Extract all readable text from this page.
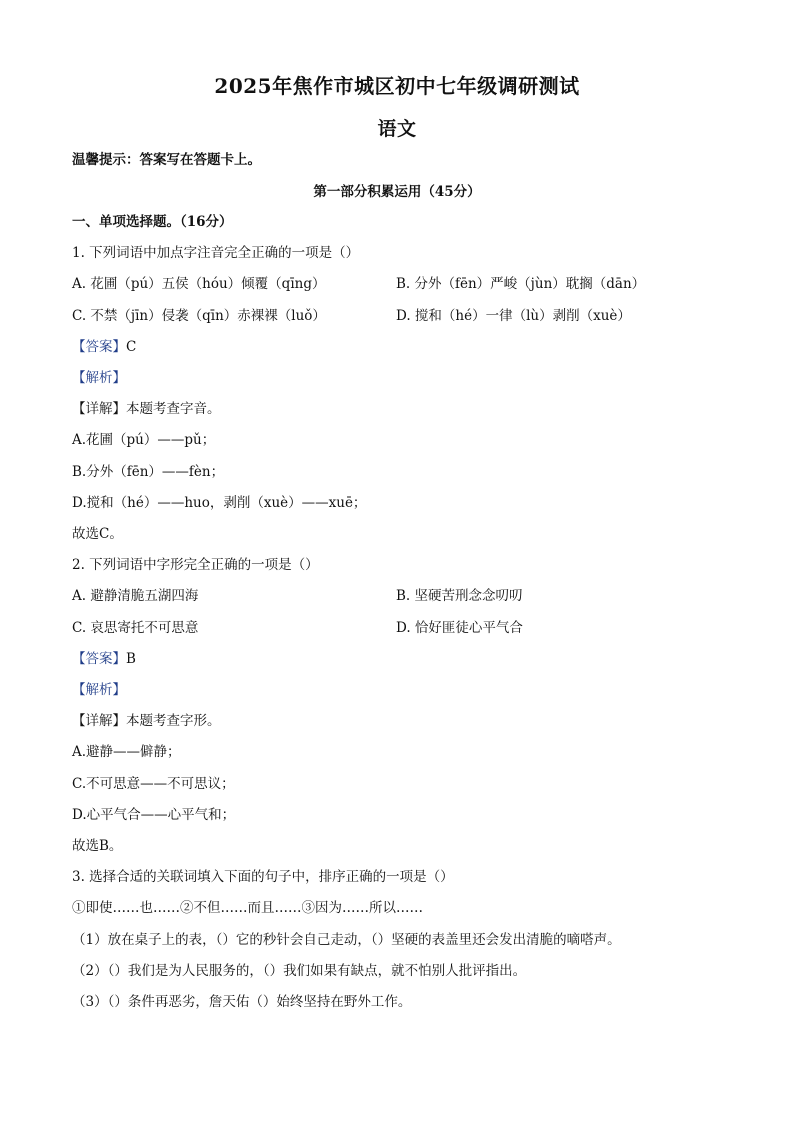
2025年焦作市城区初中七年级调研测试
语文
温馨提示：答案写在答题卡上。
第一部分积累运用（45分）
一、单项选择题。（16分）
1. 下列词语中加点字注音完全正确的一项是（）
A. 花圃（pú）五侯（hóu）倾覆（qīng）	B. 分外（fēn）严峻（jùn）耽搁（dān）
C. 不禁（jīn）侵袭（qīn）赤裸裸（luǒ）	D. 搅和（hé）一律（lù）剥削（xuè）
【答案】C
【解析】
【详解】本题考查字音。
A.花圃（pú）——pǔ；
B.分外（fēn）——fèn；
D.搅和（hé）——huo，剥削（xuè）——xuē；
故选C。
2. 下列词语中字形完全正确的一项是（）
A. 避静清脆五湖四海	B. 坚硬苦刑念念叨叨
C. 哀思寄托不可思意	D. 恰好匪徒心平气合
【答案】B
【解析】
【详解】本题考查字形。
A.避静——僻静；
C.不可思意——不可思议；
D.心平气合——心平气和；
故选B。
3. 选择合适的关联词填入下面的句子中，排序正确的一项是（）
①即使……也……②不但……而且……③因为……所以……
（1）放在桌子上的表，（）它的秒针会自己走动，（）坚硬的表盖里还会发出清脆的嘀嗒声。
（2）（）我们是为人民服务的，（）我们如果有缺点，就不怕别人批评指出。
（3）（）条件再恶劣，詹天佑（）始终坚持在野外工作。
